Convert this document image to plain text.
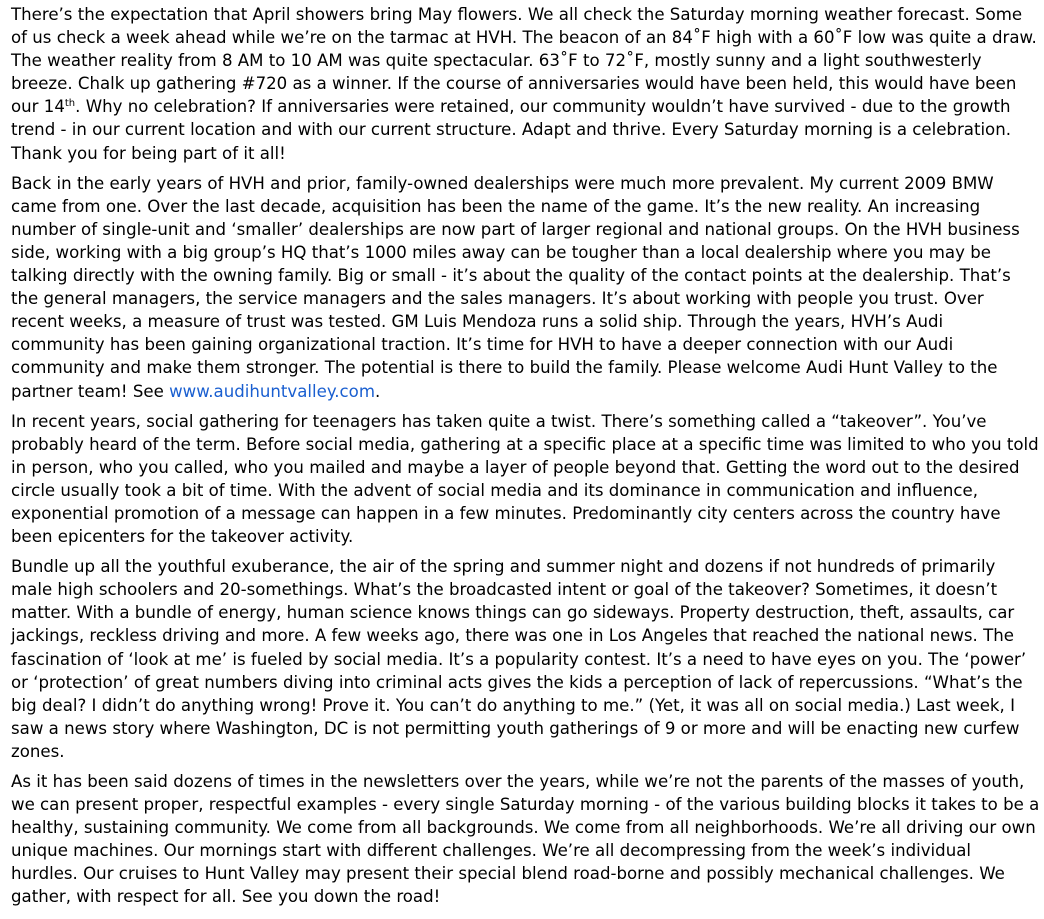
There’s the expectation that April showers bring May flowers. We all check the Saturday morning weather forecast. Some of us check a week ahead while we’re on the tarmac at HVH. The beacon of an 84˚F high with a 60˚F low was quite a draw. The weather reality from 8 AM to 10 AM was quite spectacular. 63˚F to 72˚F, mostly sunny and a light southwesterly breeze. Chalk up gathering #720 as a winner. If the course of anniversaries would have been held, this would have been our 14th. Why no celebration? If anniversaries were retained, our community wouldn’t have survived - due to the growth trend - in our current location and with our current structure. Adapt and thrive. Every Saturday morning is a celebration. Thank you for being part of it all!

Back in the early years of HVH and prior, family-owned dealerships were much more prevalent. My current 2009 BMW came from one. Over the last decade, acquisition has been the name of the game. It’s the new reality. An increasing number of single-unit and ‘smaller’ dealerships are now part of larger regional and national groups. On the HVH business side, working with a big group’s HQ that’s 1000 miles away can be tougher than a local dealership where you may be talking directly with the owning family. Big or small - it’s about the quality of the contact points at the dealership. That’s the general managers, the service managers and the sales managers. It’s about working with people you trust. Over recent weeks, a measure of trust was tested. GM Luis Mendoza runs a solid ship. Through the years, HVH’s Audi community has been gaining organizational traction. It’s time for HVH to have a deeper connection with our Audi community and make them stronger. The potential is there to build the family. Please welcome Audi Hunt Valley to the partner team! See www.audihuntvalley.com.

In recent years, social gathering for teenagers has taken quite a twist. There’s something called a “takeover”. You’ve probably heard of the term. Before social media, gathering at a specific place at a specific time was limited to who you told in person, who you called, who you mailed and maybe a layer of people beyond that. Getting the word out to the desired circle usually took a bit of time. With the advent of social media and its dominance in communication and influence, exponential promotion of a message can happen in a few minutes. Predominantly city centers across the country have been epicenters for the takeover activity.

Bundle up all the youthful exuberance, the air of the spring and summer night and dozens if not hundreds of primarily male high schoolers and 20-somethings. What’s the broadcasted intent or goal of the takeover? Sometimes, it doesn’t matter. With a bundle of energy, human science knows things can go sideways. Property destruction, theft, assaults, car jackings, reckless driving and more. A few weeks ago, there was one in Los Angeles that reached the national news. The fascination of ‘look at me’ is fueled by social media. It’s a popularity contest. It’s a need to have eyes on you. The ‘power’ or ‘protection’ of great numbers diving into criminal acts gives the kids a perception of lack of repercussions. “What’s the big deal? I didn’t do anything wrong! Prove it. You can’t do anything to me.” (Yet, it was all on social media.) Last week, I saw a news story where Washington, DC is not permitting youth gatherings of 9 or more and will be enacting new curfew zones.

As it has been said dozens of times in the newsletters over the years, while we’re not the parents of the masses of youth, we can present proper, respectful examples - every single Saturday morning - of the various building blocks it takes to be a healthy, sustaining community. We come from all backgrounds. We come from all neighborhoods. We’re all driving our own unique machines. Our mornings start with different challenges. We’re all decompressing from the week’s individual hurdles. Our cruises to Hunt Valley may present their special blend road-borne and possibly mechanical challenges. We gather, with respect for all. See you down the road!
